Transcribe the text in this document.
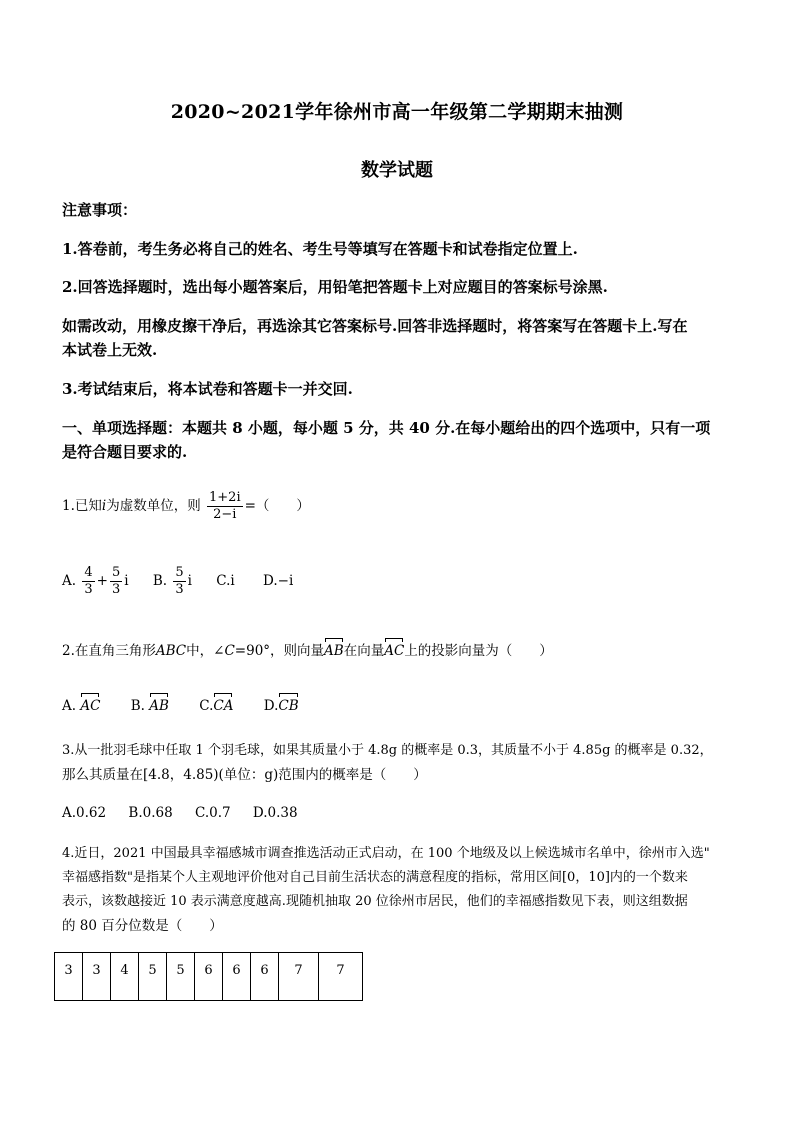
2020~2021学年徐州市高一年级第二学期期末抽测
数学试题
注意事项：
1.答卷前，考生务必将自己的姓名、考生号等填写在答题卡和试卷指定位置上.
2.回答选择题时，选出每小题答案后，用铅笔把答题卡上对应题目的答案标号涂黑.
如需改动，用橡皮擦干净后，再选涂其它答案标号.回答非选择题时，将答案写在答题卡上.写在
本试卷上无效.
3.考试结束后，将本试卷和答题卡一并交回.
一、单项选择题：本题共 8 小题，每小题 5 分，共 40 分.在每小题给出的四个选项中，只有一项
是符合题目要求的.
1.已知i为虚数单位，则 $\frac{1+2i}{2-i}$ =（　　）
A. $\frac{4}{3} + \frac{5}{3}$ i B. $\frac{5}{3}$ i C.i D.−i
2.在直角三角形ABC中，∠C=90°，则向量AB在向量AC上的投影向量为（　　）
A. AC B. AB C.CA D.CB
3.从一批羽毛球中任取 1 个羽毛球，如果其质量小于 4.8g 的概率是 0.3，其质量不小于 4.85g 的概率是 0.32，
那么其质量在[4.8，4.85)(单位：g)范围内的概率是（　　）
A.0.62 B.0.68 C.0.7 D.0.38
4.近日，2021 中国最具幸福感城市调查推选活动正式启动，在 100 个地级及以上候选城市名单中，徐州市入选"
幸福感指数"是指某个人主观地评价他对自己目前生活状态的满意程度的指标，常用区间[0，10]内的一个数来
表示，该数越接近 10 表示满意度越高.现随机抽取 20 位徐州市居民，他们的幸福感指数见下表，则这组数据
的 80 百分位数是（　　）
3	3	4	5	5	6	6	6	7	7
